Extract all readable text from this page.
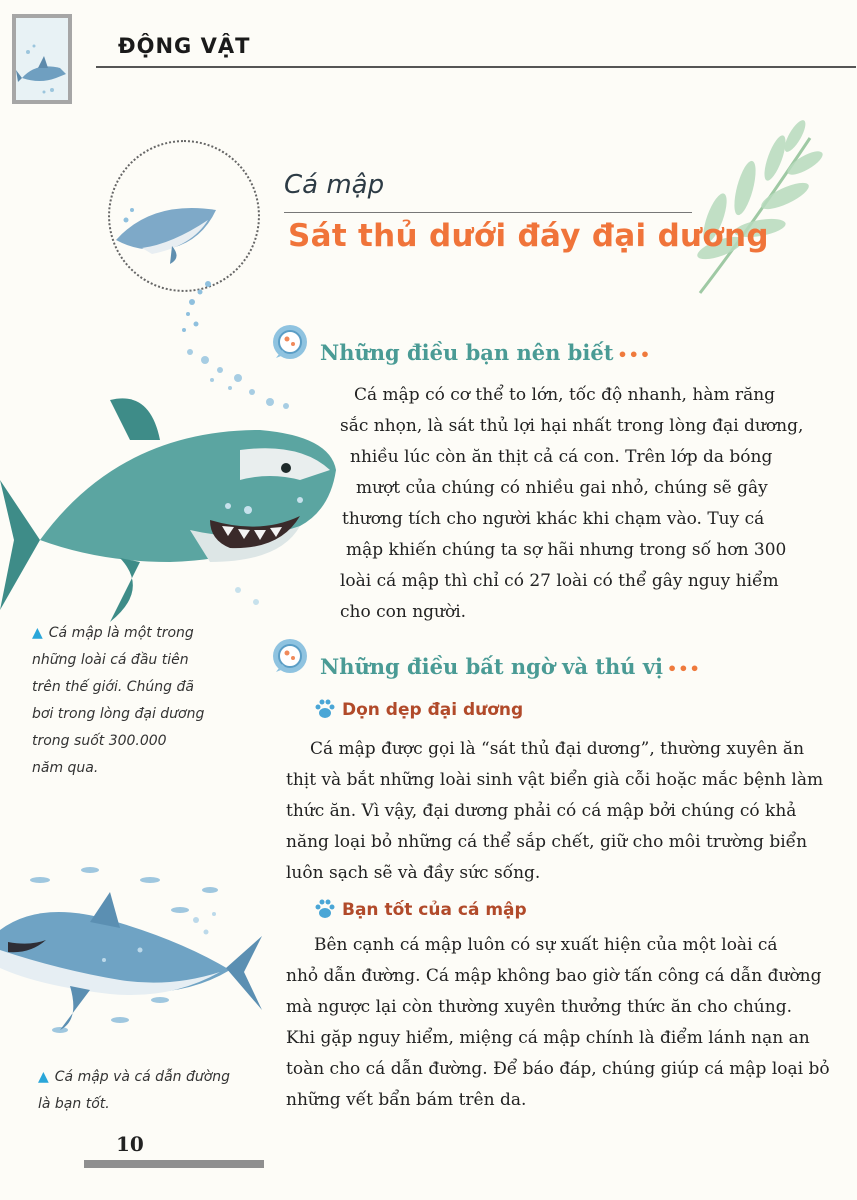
ĐỘNG VẬT
Cá mập
Sát thủ dưới đáy đại dương
Những điều bạn nên biết •••
Cá mập có cơ thể to lớn, tốc độ nhanh, hàm răng
sắc nhọn, là sát thủ lợi hại nhất trong lòng đại dương,
nhiều lúc còn ăn thịt cả cá con. Trên lớp da bóng
mượt của chúng có nhiều gai nhỏ, chúng sẽ gây
thương tích cho người khác khi chạm vào. Tuy cá
mập khiến chúng ta sợ hãi nhưng trong số hơn 300
loài cá mập thì chỉ có 27 loài có thể gây nguy hiểm
cho con người.
▲ Cá mập là một trong
những loài cá đầu tiên
trên thế giới. Chúng đã
bơi trong lòng đại dương
trong suốt 300.000
năm qua.
Những điều bất ngờ và thú vị •••
Dọn dẹp đại dương
Cá mập được gọi là “sát thủ đại dương”, thường xuyên ăn
thịt và bắt những loài sinh vật biển già cỗi hoặc mắc bệnh làm
thức ăn. Vì vậy, đại dương phải có cá mập bởi chúng có khả
năng loại bỏ những cá thể sắp chết, giữ cho môi trường biển
luôn sạch sẽ và đầy sức sống.
Bạn tốt của cá mập
Bên cạnh cá mập luôn có sự xuất hiện của một loài cá
nhỏ dẫn đường. Cá mập không bao giờ tấn công cá dẫn đường
mà ngược lại còn thường xuyên thưởng thức ăn cho chúng.
Khi gặp nguy hiểm, miệng cá mập chính là điểm lánh nạn an
toàn cho cá dẫn đường. Để báo đáp, chúng giúp cá mập loại bỏ
những vết bẩn bám trên da.
▲ Cá mập và cá dẫn đường
là bạn tốt.
10
